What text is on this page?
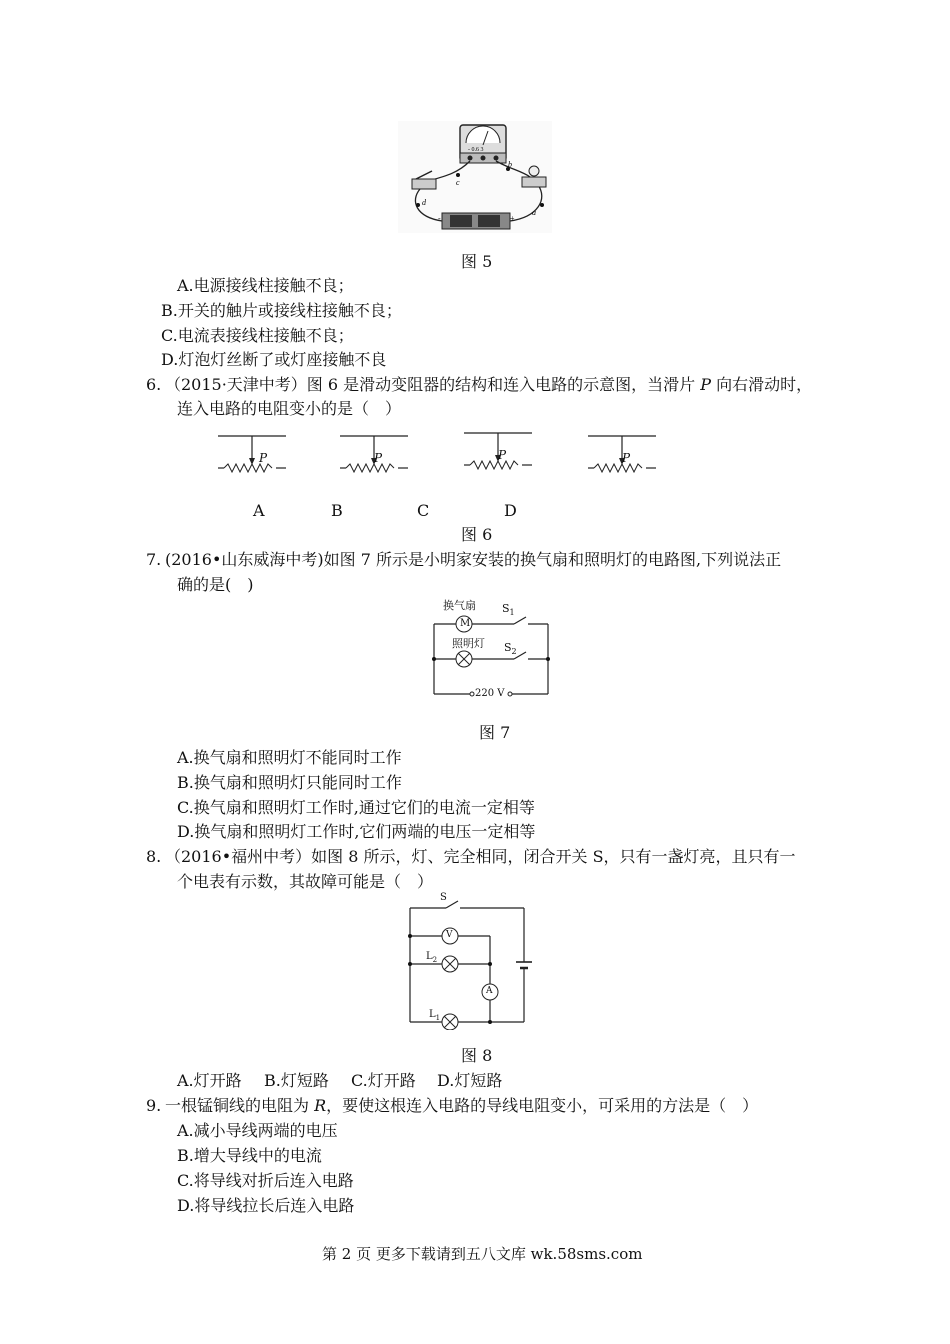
- 0.6 3
-	+
c
b
d
a
图 5
A.电源接线柱接触不良；
B.开关的触片或接线柱接触不良；
C.电流表接线柱接触不良；
D.灯泡灯丝断了或灯座接触不良
6. （2015·天津中考）图 6 是滑动变阻器的结构和连入电路的示意图，当滑片 P 向右滑动时，
连入电路的电阻变小的是（　）
P	P	P	P
A	B	C	D
图 6
7. (2016•山东威海中考)如图 7 所示是小明家安装的换气扇和照明灯的电路图,下列说法正
确的是(　)
换气扇 $S_1$
M
照明灯 $S_2$
220 V
图 7
A.换气扇和照明灯不能同时工作
B.换气扇和照明灯只能同时工作
C.换气扇和照明灯工作时,通过它们的电流一定相等
D.换气扇和照明灯工作时,它们两端的电压一定相等
8. （2016•福州中考）如图 8 所示，灯、完全相同，闭合开关 S，只有一盏灯亮，且只有一
个电表有示数，其故障可能是（　）
S
V
$L_2$
A
$L_1$
图 8
A.灯开路 B.灯短路 C.灯开路 D.灯短路
9. 一根锰铜线的电阻为 R，要使这根连入电路的导线电阻变小，可采用的方法是（　）
A.减小导线两端的电压
B.增大导线中的电流
C.将导线对折后连入电路
D.将导线拉长后连入电路
第 2 页 更多下载请到五八文库 wk.58sms.com
